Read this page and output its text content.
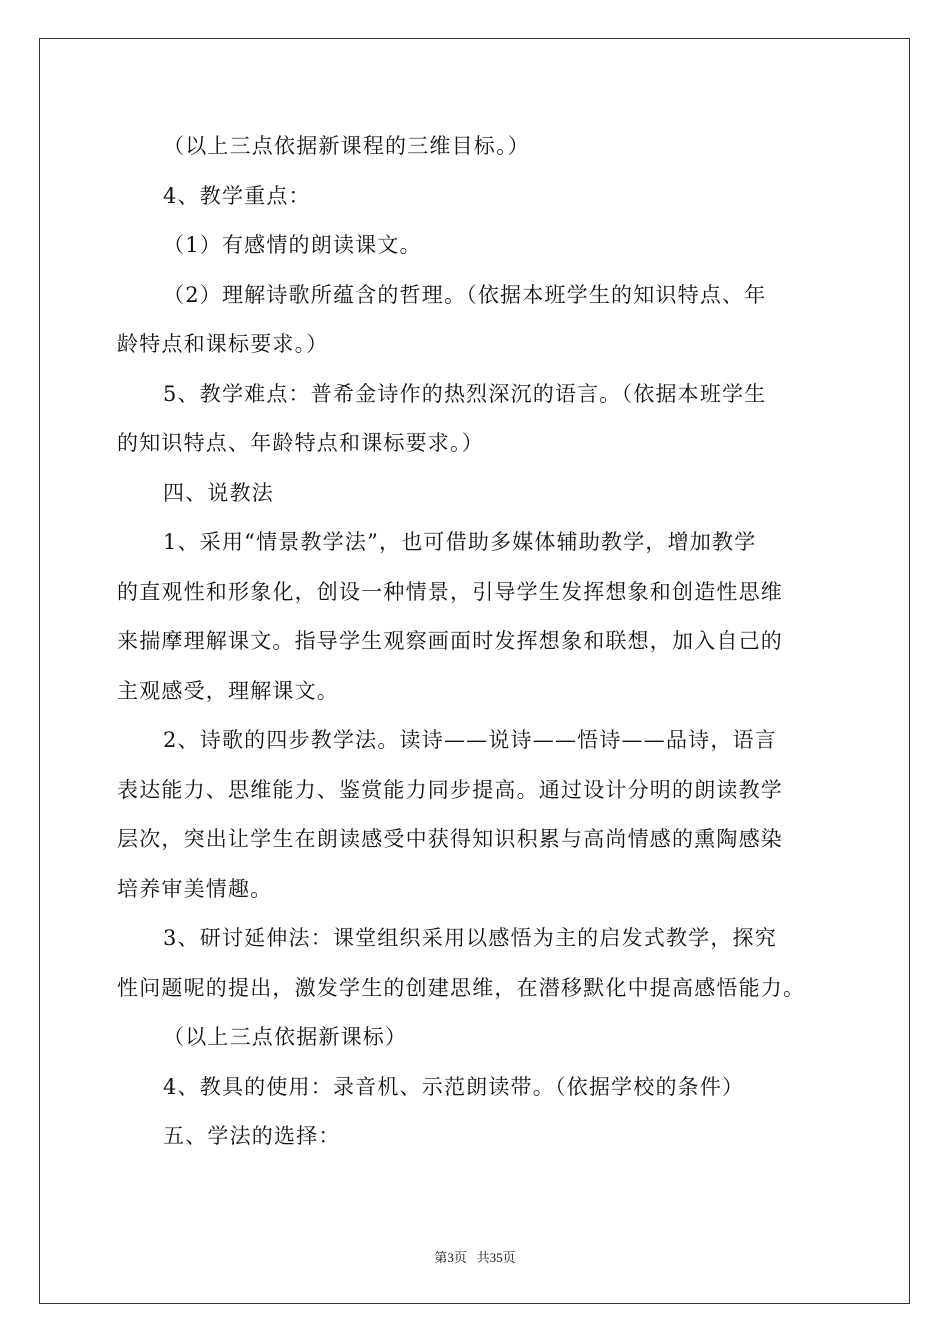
（以上三点依据新课程的三维目标。）
4、教学重点：
（1）有感情的朗读课文。
（2）理解诗歌所蕴含的哲理。（依据本班学生的知识特点、年
龄特点和课标要求。）
5、教学难点：普希金诗作的热烈深沉的语言。（依据本班学生
的知识特点、年龄特点和课标要求。）
四、说教法
1、采用“情景教学法”，也可借助多媒体辅助教学，增加教学
的直观性和形象化，创设一种情景，引导学生发挥想象和创造性思维
来揣摩理解课文。指导学生观察画面时发挥想象和联想，加入自己的
主观感受，理解课文。
2、诗歌的四步教学法。读诗——说诗——悟诗——品诗，语言
表达能力、思维能力、鉴赏能力同步提高。通过设计分明的朗读教学
层次，突出让学生在朗读感受中获得知识积累与高尚情感的熏陶感染
培养审美情趣。
3、研讨延伸法：课堂组织采用以感悟为主的启发式教学，探究
性问题呢的提出，激发学生的创建思维，在潜移默化中提高感悟能力。
（以上三点依据新课标）
4、教具的使用：录音机、示范朗读带。（依据学校的条件）
五、学法的选择：
第3页 共35页
